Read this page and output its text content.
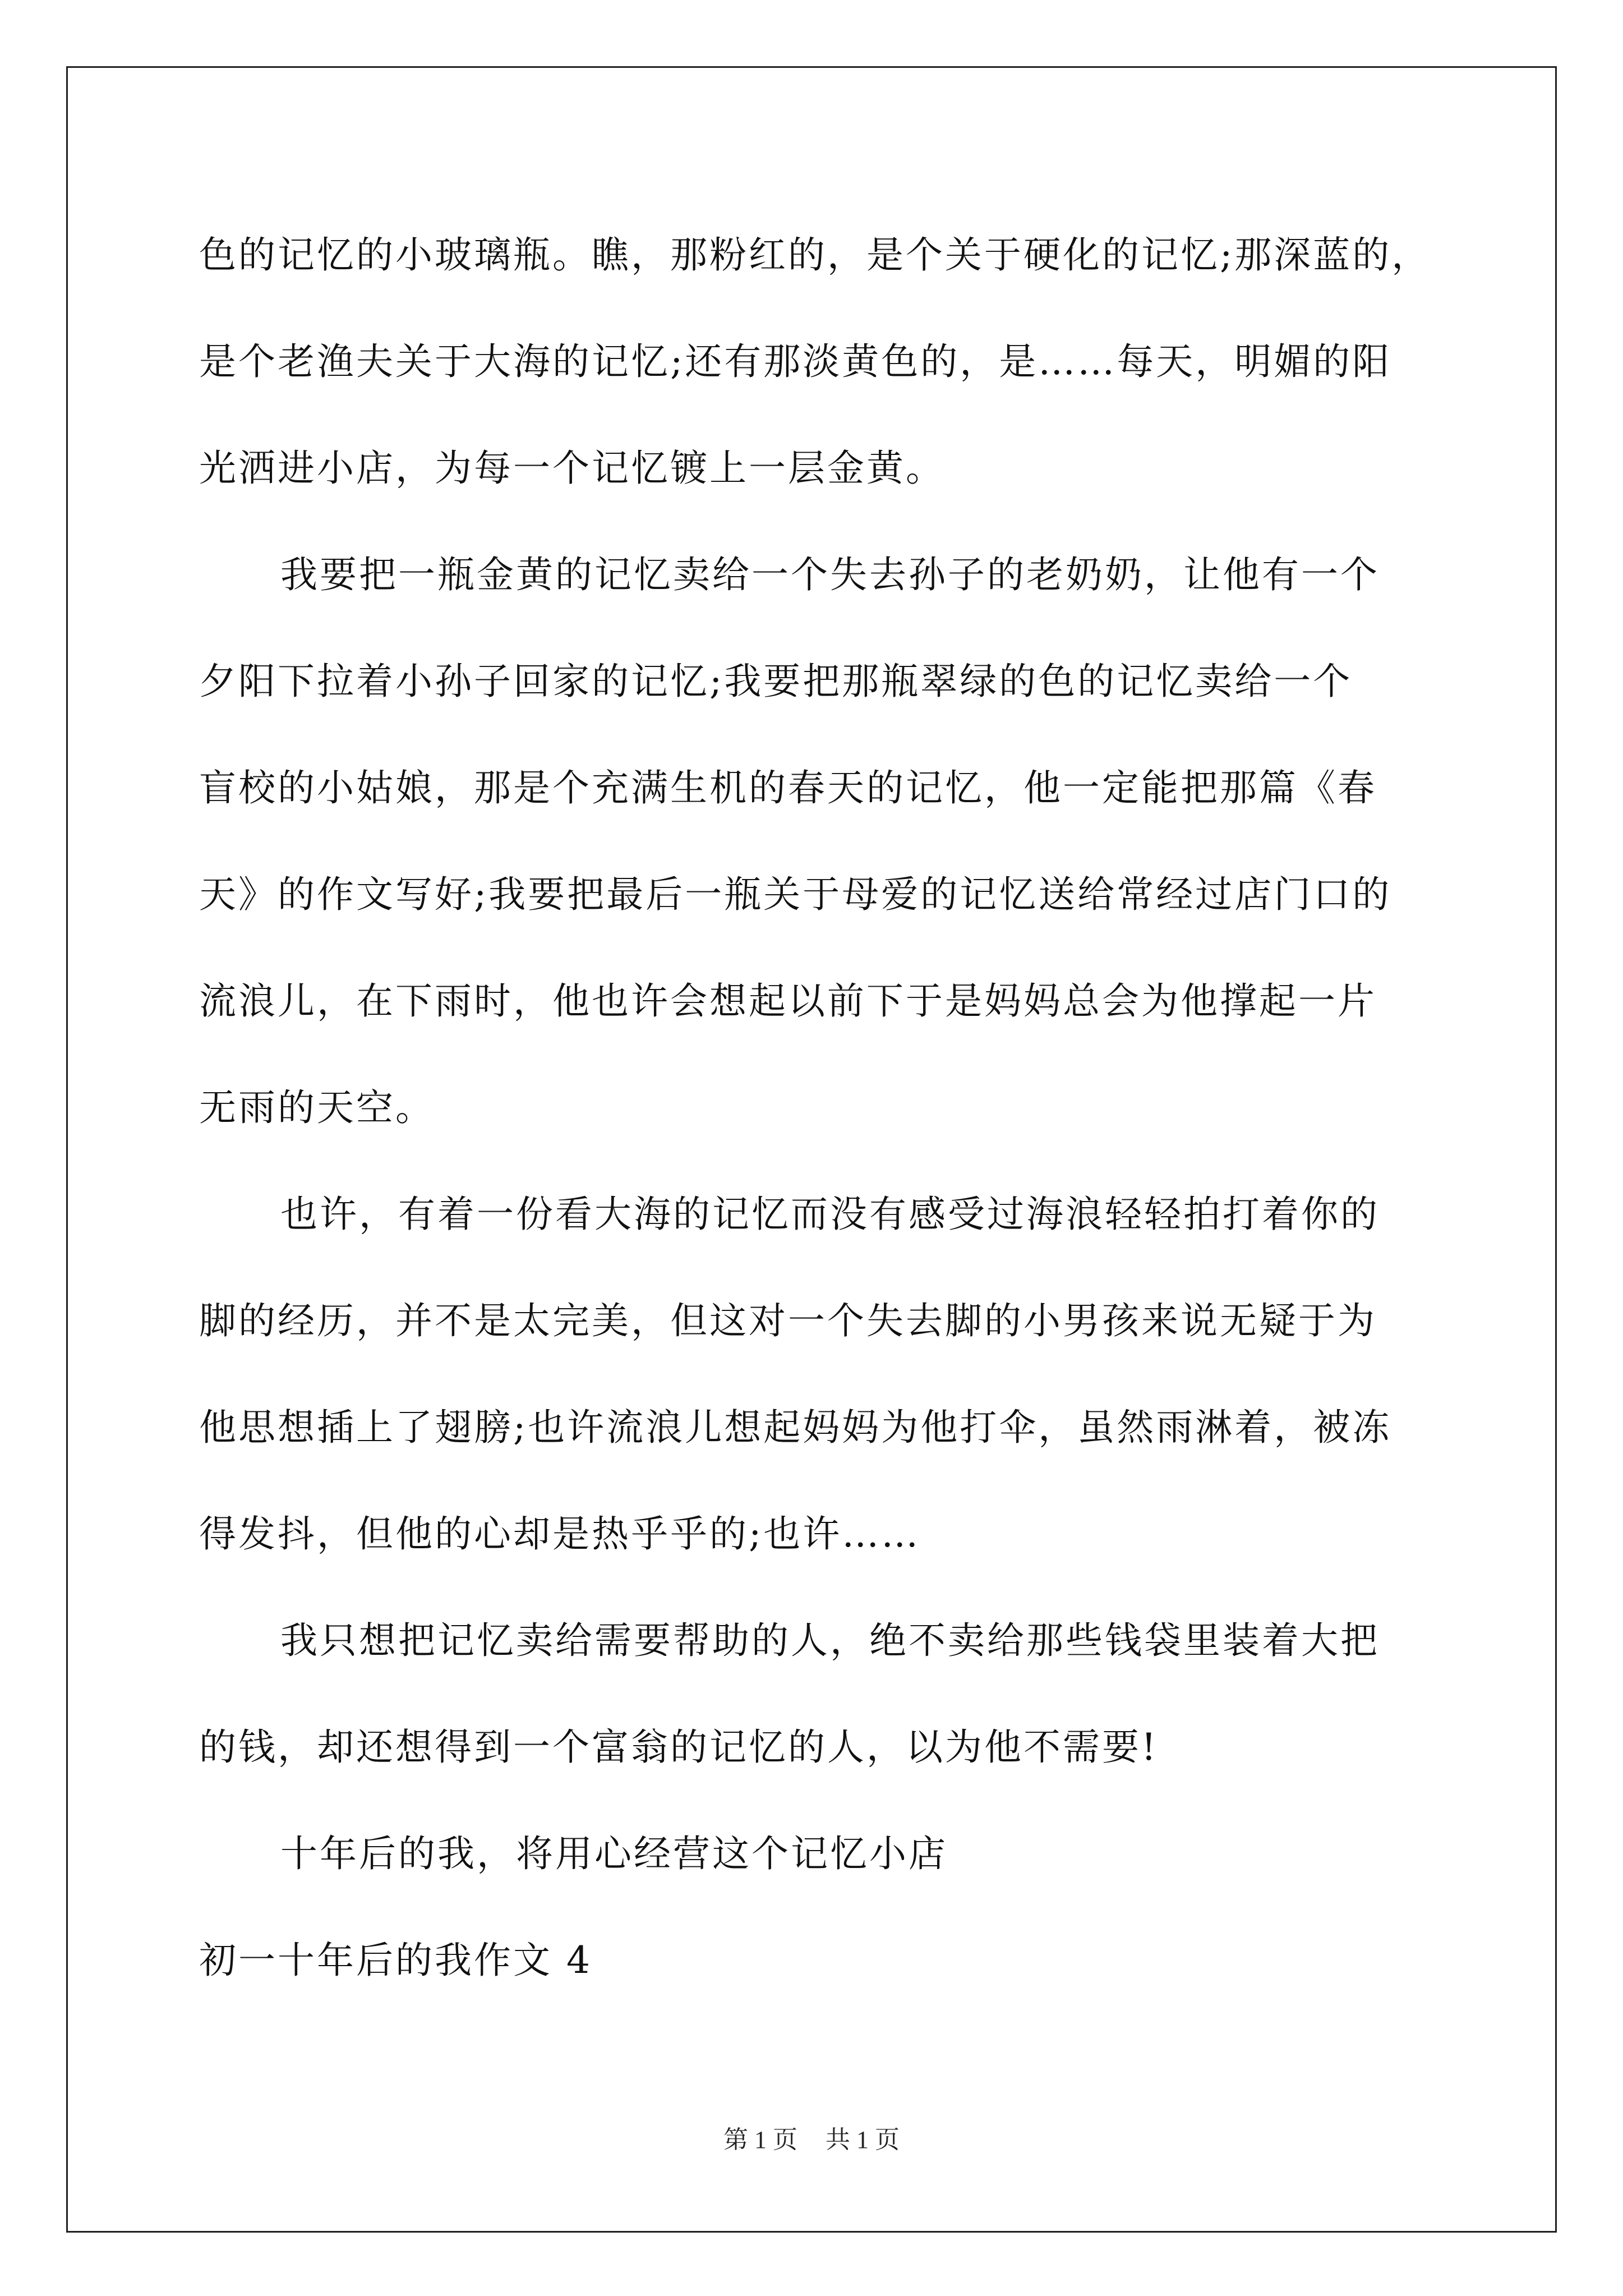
色的记忆的小玻璃瓶。瞧，那粉红的，是个关于硬化的记忆;那深蓝的，
是个老渔夫关于大海的记忆;还有那淡黄色的，是……每天，明媚的阳
光洒进小店，为每一个记忆镀上一层金黄。
我要把一瓶金黄的记忆卖给一个失去孙子的老奶奶，让他有一个
夕阳下拉着小孙子回家的记忆;我要把那瓶翠绿的色的记忆卖给一个
盲校的小姑娘，那是个充满生机的春天的记忆，他一定能把那篇《春
天》的作文写好;我要把最后一瓶关于母爱的记忆送给常经过店门口的
流浪儿，在下雨时，他也许会想起以前下于是妈妈总会为他撑起一片
无雨的天空。
也许，有着一份看大海的记忆而没有感受过海浪轻轻拍打着你的
脚的经历，并不是太完美，但这对一个失去脚的小男孩来说无疑于为
他思想插上了翅膀;也许流浪儿想起妈妈为他打伞，虽然雨淋着，被冻
得发抖，但他的心却是热乎乎的;也许……
我只想把记忆卖给需要帮助的人，绝不卖给那些钱袋里装着大把
的钱，却还想得到一个富翁的记忆的人，以为他不需要!
十年后的我，将用心经营这个记忆小店
初一十年后的我作文 4
第 1 页 共 1 页
